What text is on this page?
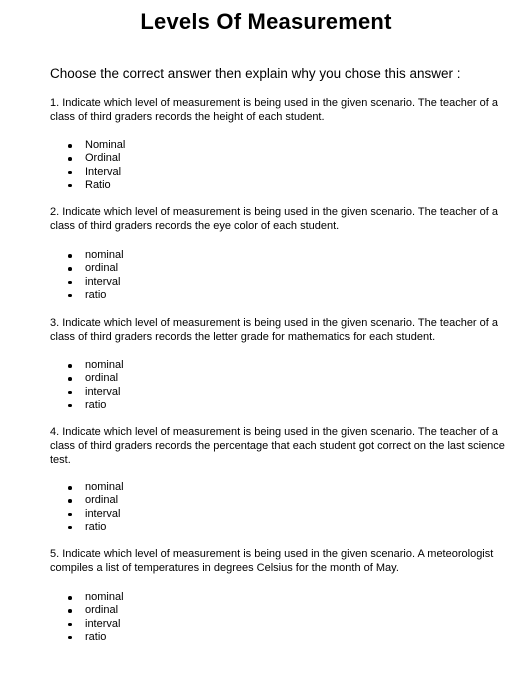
Levels Of Measurement
Choose the correct answer then explain why you chose this answer :
1. Indicate which level of measurement is being used in the given scenario. The teacher of a class of third graders records the height of each student.
Nominal
Ordinal
Interval
Ratio
2. Indicate which level of measurement is being used in the given scenario. The teacher of a class of third graders records the eye color of each student.
nominal
ordinal
interval
ratio
3. Indicate which level of measurement is being used in the given scenario. The teacher of a class of third graders records the letter grade for mathematics for each student.
nominal
ordinal
interval
ratio
4. Indicate which level of measurement is being used in the given scenario. The teacher of a class of third graders records the percentage that each student got correct on the last science test.
nominal
ordinal
interval
ratio
5. Indicate which level of measurement is being used in the given scenario. A meteorologist compiles a list of temperatures in degrees Celsius for the month of May.
nominal
ordinal
interval
ratio
